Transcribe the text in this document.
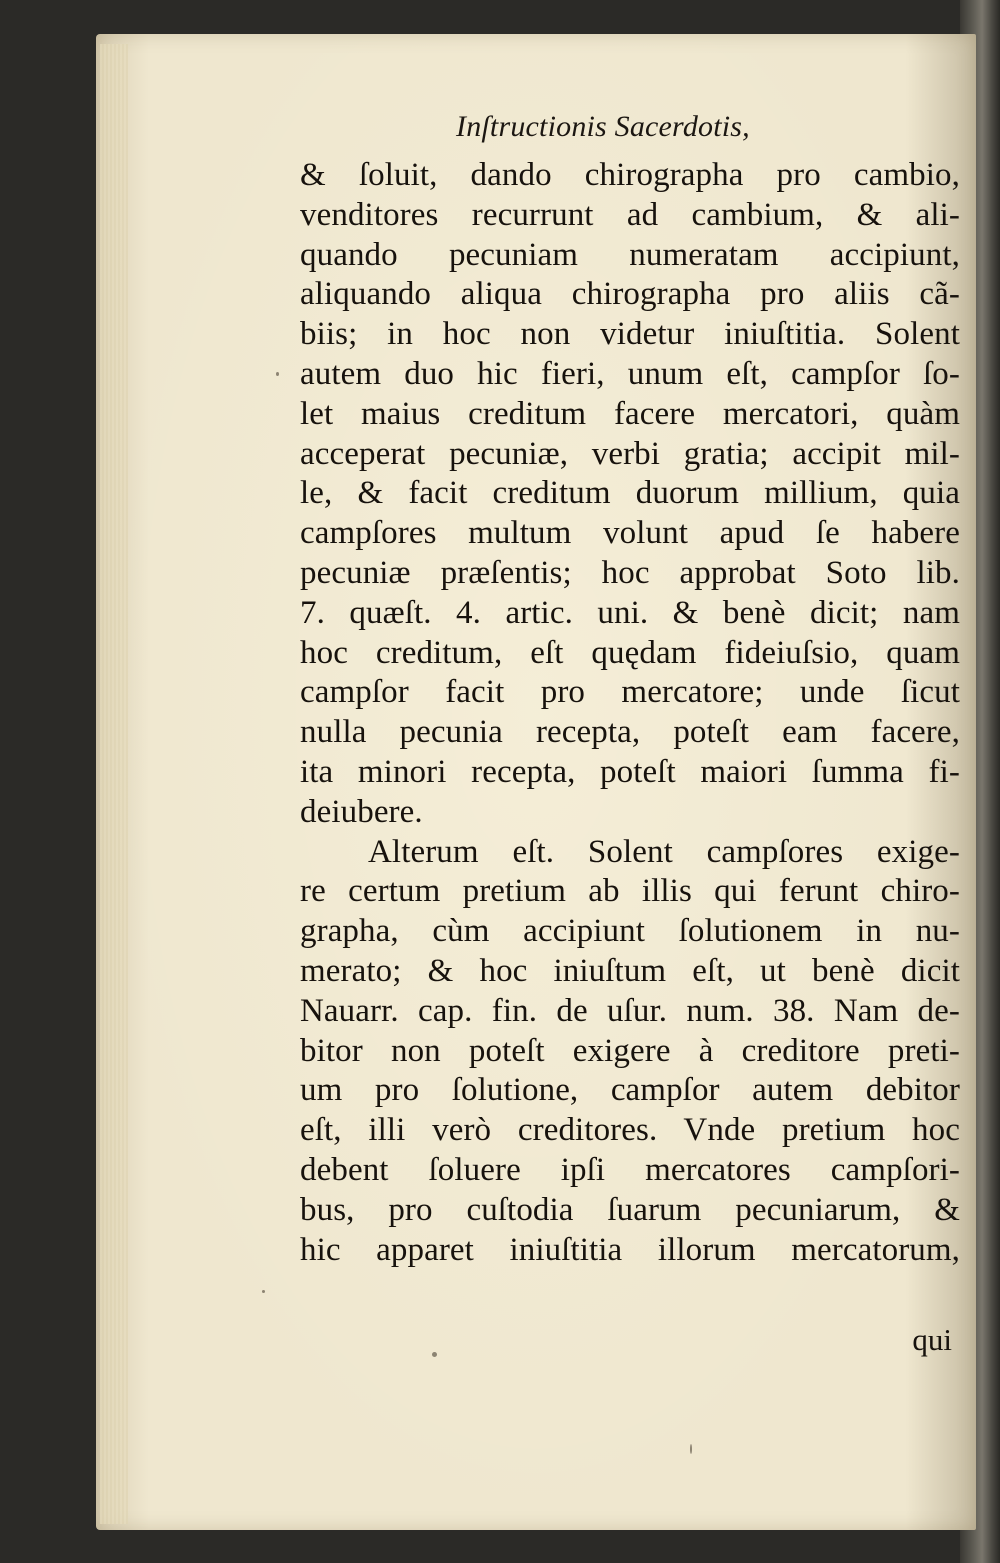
Inſtructionis Sacerdotis,
& ſoluit, dando chirographa pro cambio,
venditores recurrunt ad cambium, & ali-
quando pecuniam numeratam accipiunt,
aliquando aliqua chirographa pro aliis cã-
biis; in hoc non videtur iniuſtitia. Solent
autem duo hic fieri, unum eſt, campſor ſo-
let maius creditum facere mercatori, quàm
acceperat pecuniæ, verbi gratia; accipit mil-
le, & facit creditum duorum millium, quia
campſores multum volunt apud ſe habere
pecuniæ præſentis; hoc approbat Soto lib.
7. quæſt. 4. artic. uni. & benè dicit; nam
hoc creditum, eſt quędam fideiuſsio, quam
campſor facit pro mercatore; unde ſicut
nulla pecunia recepta, poteſt eam facere,
ita minori recepta, poteſt maiori ſumma fi-
deiubere.
Alterum eſt. Solent campſores exige-
re certum pretium ab illis qui ferunt chiro-
grapha, cùm accipiunt ſolutionem in nu-
merato; & hoc iniuſtum eſt, ut benè dicit
Nauarr. cap. fin. de uſur. num. 38. Nam de-
bitor non poteſt exigere à creditore preti-
um pro ſolutione, campſor autem debitor
eſt, illi verò creditores. Vnde pretium hoc
debent ſoluere ipſi mercatores campſori-
bus, pro cuſtodia ſuarum pecuniarum, &
hic apparet iniuſtitia illorum mercatorum,
qui
